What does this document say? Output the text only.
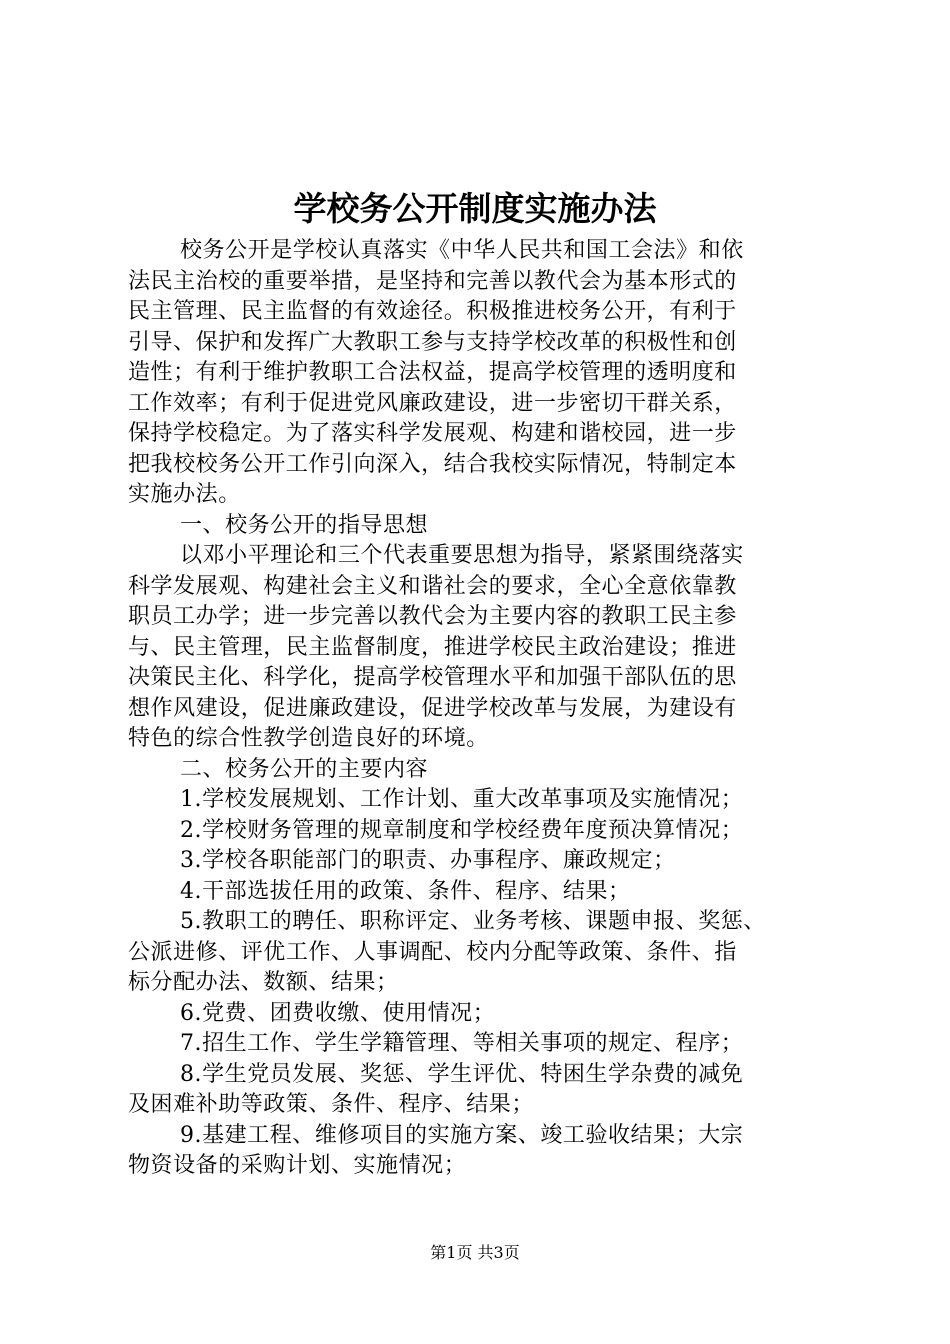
学校务公开制度实施办法
校务公开是学校认真落实《中华人民共和国工会法》和依
法民主治校的重要举措，是坚持和完善以教代会为基本形式的
民主管理、民主监督的有效途径。积极推进校务公开，有利于
引导、保护和发挥广大教职工参与支持学校改革的积极性和创
造性；有利于维护教职工合法权益，提高学校管理的透明度和
工作效率；有利于促进党风廉政建设，进一步密切干群关系，
保持学校稳定。为了落实科学发展观、构建和谐校园，进一步
把我校校务公开工作引向深入，结合我校实际情况，特制定本
实施办法。
一、校务公开的指导思想
以邓小平理论和三个代表重要思想为指导，紧紧围绕落实
科学发展观、构建社会主义和谐社会的要求，全心全意依靠教
职员工办学；进一步完善以教代会为主要内容的教职工民主参
与、民主管理，民主监督制度，推进学校民主政治建设；推进
决策民主化、科学化，提高学校管理水平和加强干部队伍的思
想作风建设，促进廉政建设，促进学校改革与发展，为建设有
特色的综合性教学创造良好的环境。
二、校务公开的主要内容
1.学校发展规划、工作计划、重大改革事项及实施情况；
2.学校财务管理的规章制度和学校经费年度预决算情况；
3.学校各职能部门的职责、办事程序、廉政规定；
4.干部选拔任用的政策、条件、程序、结果；
5.教职工的聘任、职称评定、业务考核、课题申报、奖惩、
公派进修、评优工作、人事调配、校内分配等政策、条件、指
标分配办法、数额、结果；
6.党费、团费收缴、使用情况；
7.招生工作、学生学籍管理、等相关事项的规定、程序；
8.学生党员发展、奖惩、学生评优、特困生学杂费的减免
及困难补助等政策、条件、程序、结果；
9.基建工程、维修项目的实施方案、竣工验收结果；大宗
物资设备的采购计划、实施情况；
第1页 共3页
